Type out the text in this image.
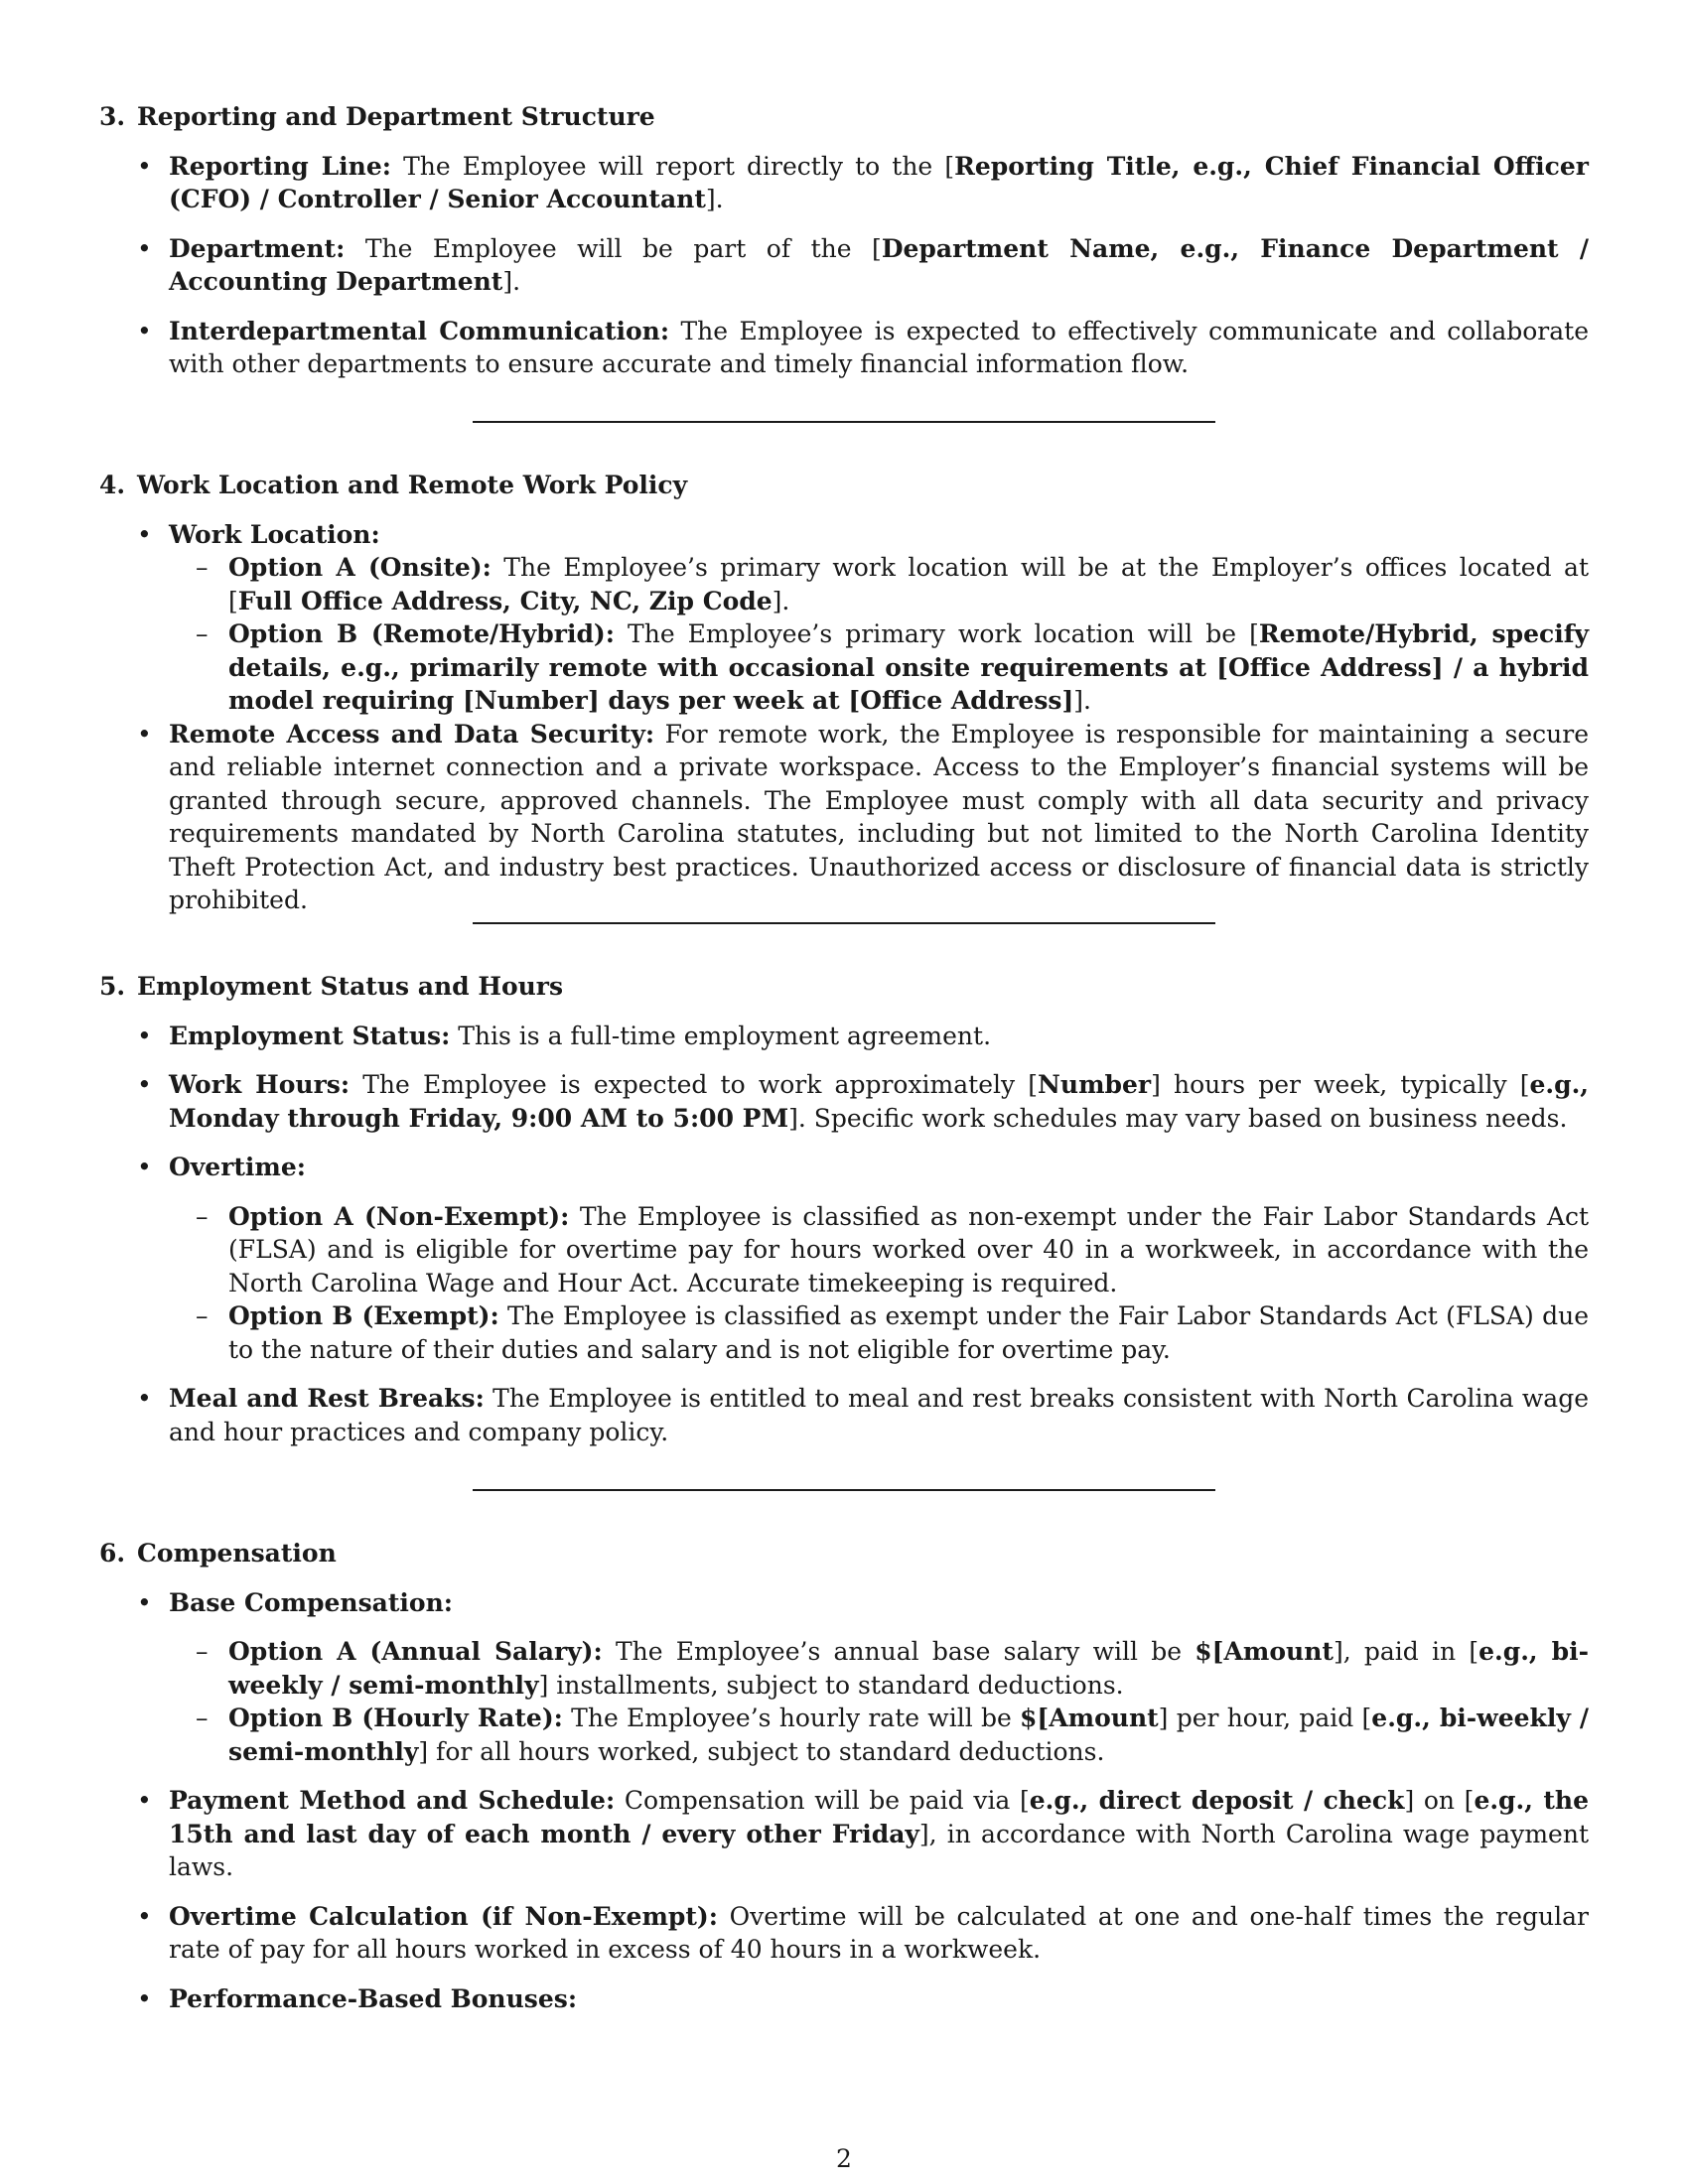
3. Reporting and Department Structure
• Reporting Line: The Employee will report directly to the [Reporting Title, e.g., Chief Financial Officer (CFO) / Controller / Senior Accountant].
• Department: The Employee will be part of the [Department Name, e.g., Finance Department / Accounting Department].
• Interdepartmental Communication: The Employee is expected to effectively communicate and collaborate with other departments to ensure accurate and timely financial information flow.
4. Work Location and Remote Work Policy
• Work Location:
– Option A (Onsite): The Employee’s primary work location will be at the Employer’s offices located at [Full Office Address, City, NC, Zip Code].
– Option B (Remote/Hybrid): The Employee’s primary work location will be [Remote/Hybrid, specify details, e.g., primarily remote with occasional onsite requirements at [Office Address] / a hybrid model requiring [Number] days per week at [Office Address]].
• Remote Access and Data Security: For remote work, the Employee is responsible for maintaining a secure and reliable internet connection and a private workspace. Access to the Employer’s financial systems will be granted through secure, approved channels. The Employee must comply with all data security and privacy requirements mandated by North Carolina statutes, including but not limited to the North Carolina Identity Theft Protection Act, and industry best practices. Unauthorized access or disclosure of financial data is strictly prohibited.
5. Employment Status and Hours
• Employment Status: This is a full-time employment agreement.
• Work Hours: The Employee is expected to work approximately [Number] hours per week, typically [e.g., Monday through Friday, 9:00 AM to 5:00 PM]. Specific work schedules may vary based on business needs.
• Overtime:
– Option A (Non-Exempt): The Employee is classified as non-exempt under the Fair Labor Standards Act (FLSA) and is eligible for overtime pay for hours worked over 40 in a workweek, in accordance with the North Carolina Wage and Hour Act. Accurate timekeeping is required.
– Option B (Exempt): The Employee is classified as exempt under the Fair Labor Standards Act (FLSA) due to the nature of their duties and salary and is not eligible for overtime pay.
• Meal and Rest Breaks: The Employee is entitled to meal and rest breaks consistent with North Carolina wage and hour practices and company policy.
6. Compensation
• Base Compensation:
– Option A (Annual Salary): The Employee’s annual base salary will be $[Amount], paid in [e.g., bi-weekly / semi-monthly] installments, subject to standard deductions.
– Option B (Hourly Rate): The Employee’s hourly rate will be $[Amount] per hour, paid [e.g., bi-weekly / semi-monthly] for all hours worked, subject to standard deductions.
• Payment Method and Schedule: Compensation will be paid via [e.g., direct deposit / check] on [e.g., the 15th and last day of each month / every other Friday], in accordance with North Carolina wage payment laws.
• Overtime Calculation (if Non-Exempt): Overtime will be calculated at one and one-half times the regular rate of pay for all hours worked in excess of 40 hours in a workweek.
• Performance-Based Bonuses:
2
